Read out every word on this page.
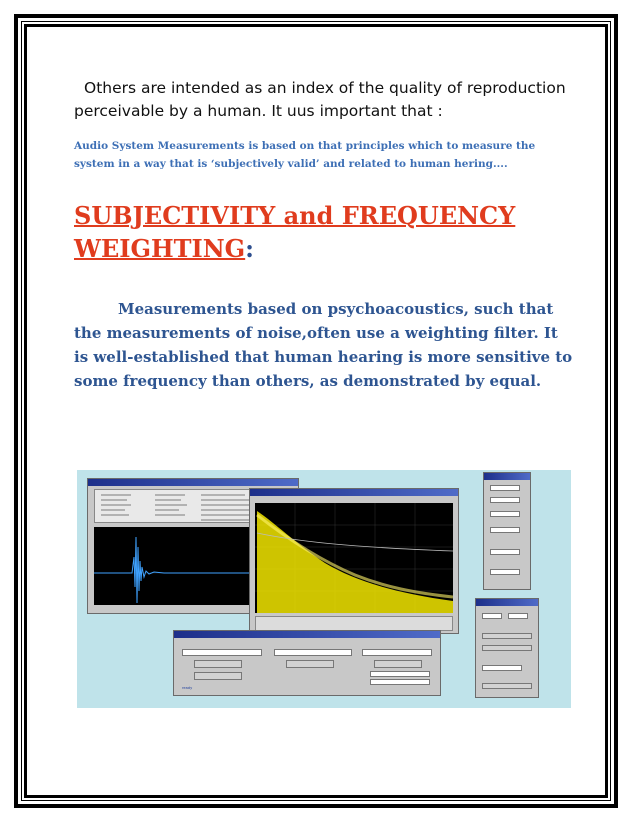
Others are intended as an index of the quality of reproduction
perceivable by a human. It uus important that :
Audio System Measurements is based on that principles which to measure the system in a way that is ‘subjectively valid’ and related to human hering....
SUBJECTIVITY and FREQUENCY WEIGHTING:
Measurements based on psychoacoustics, such that the measurements of noise,often use a weighting filter. It is well-established that human hearing is more sensitive to some frequency than others, as demonstrated by equal.
ready
